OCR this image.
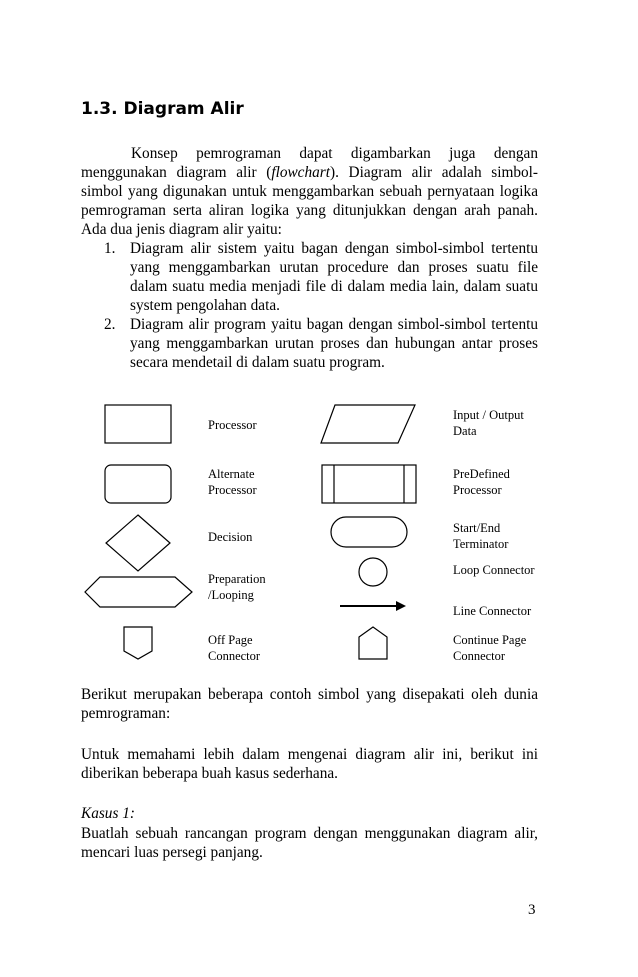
1.3. Diagram Alir

Konsep pemrograman dapat digambarkan juga dengan menggunakan diagram alir (flowchart). Diagram alir adalah simbol-simbol yang digunakan untuk menggambarkan sebuah pernyataan logika pemrograman serta aliran logika yang ditunjukkan dengan arah panah. Ada dua jenis diagram alir yaitu:

1. Diagram alir sistem yaitu bagan dengan simbol-simbol tertentu yang menggambarkan urutan procedure dan proses suatu file dalam suatu media menjadi file di dalam media lain, dalam suatu system pengolahan data.
2. Diagram alir program yaitu bagan dengan simbol-simbol tertentu yang menggambarkan urutan proses dan hubungan antar proses secara mendetail di dalam suatu program.

Processor

Input / Output
Data

Alternate
Processor

PreDefined
Processor

Decision

Start/End
Terminator

Preparation
/Looping

Loop Connector

Line Connector

Off Page
Connector

Continue Page
Connector

Berikut merupakan beberapa contoh simbol yang disepakati oleh dunia pemrograman:

Untuk memahami lebih dalam mengenai diagram alir ini, berikut ini diberikan beberapa buah kasus sederhana.

Kasus 1:

Buatlah sebuah rancangan program dengan menggunakan diagram alir, mencari luas persegi panjang.

3
